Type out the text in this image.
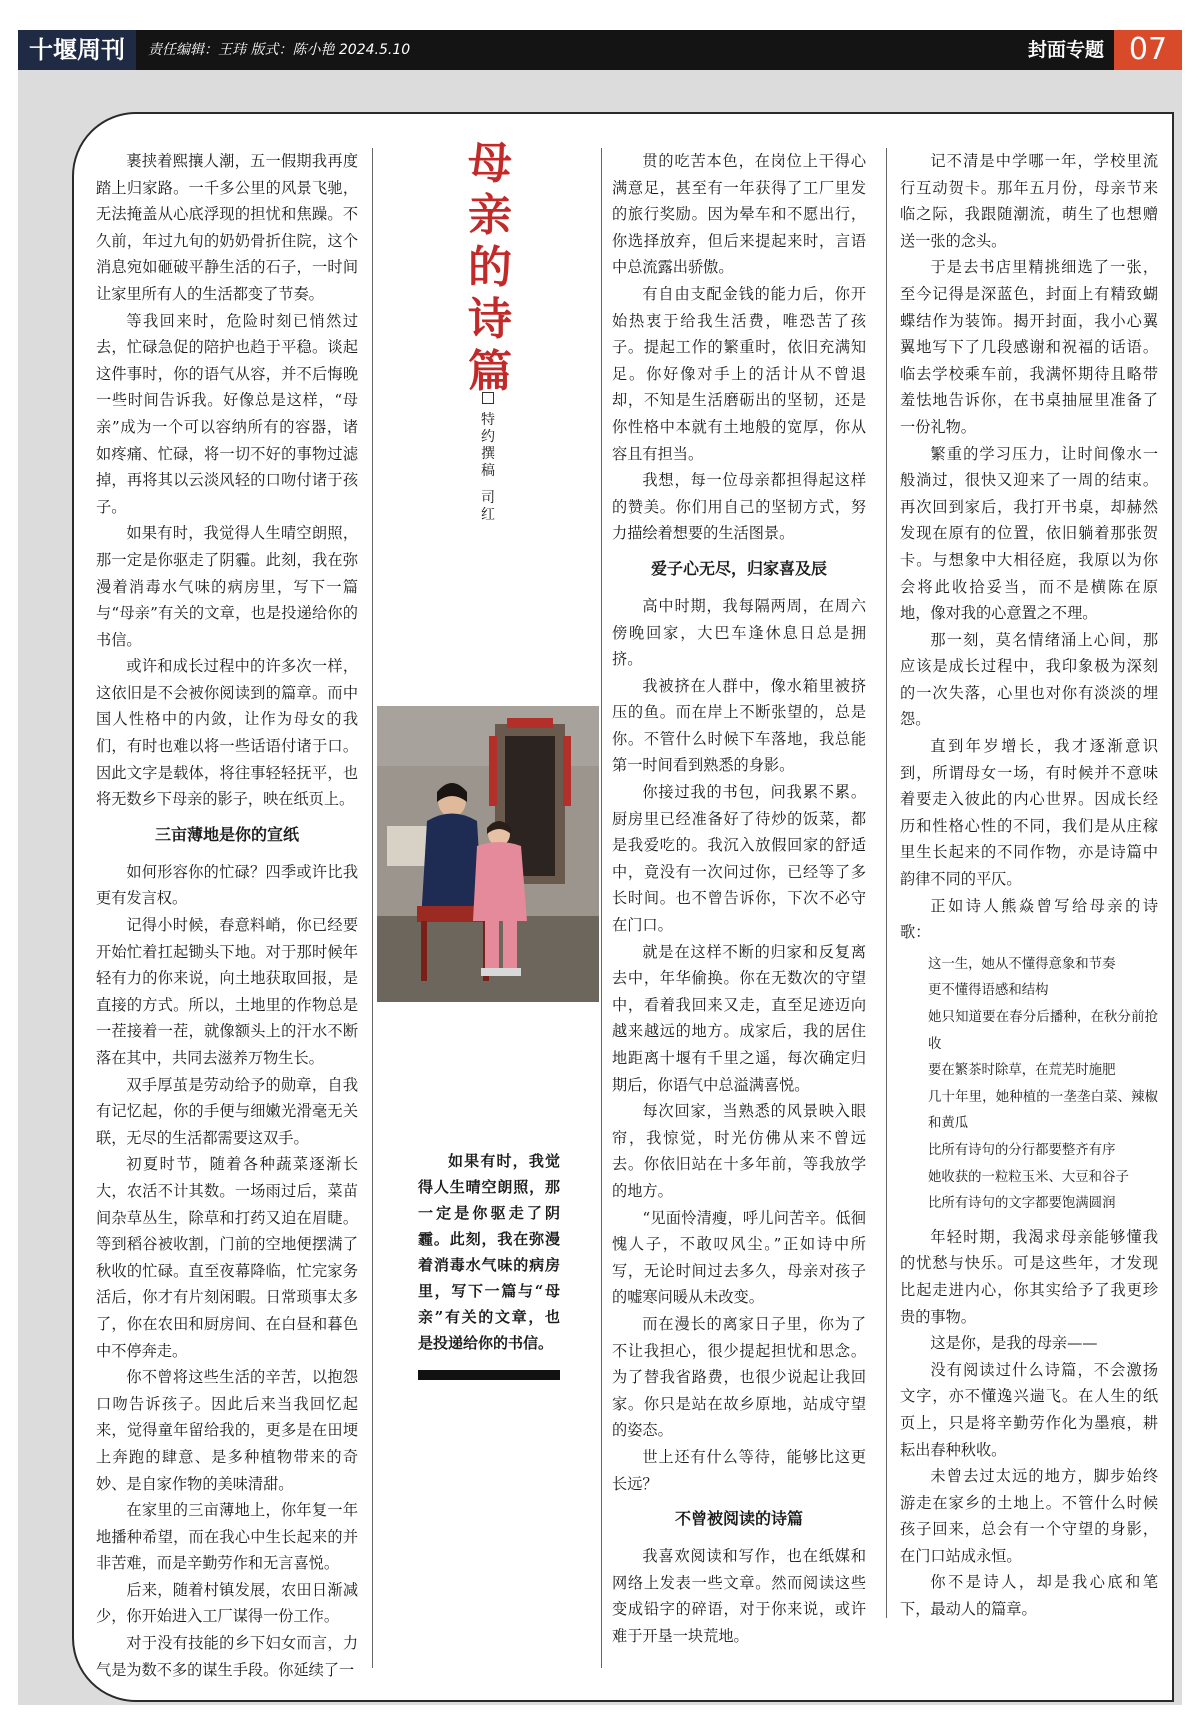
十堰周刊	责任编辑：王玮 版式：陈小艳 2024.5.10	封面专题 07

裹挟着熙攘人潮，五一假期我再度踏上归家路。一千多公里的风景飞驰，无法掩盖从心底浮现的担忧和焦躁。不久前，年过九旬的奶奶骨折住院，这个消息宛如砸破平静生活的石子，一时间让家里所有人的生活都变了节奏。

等我回来时，危险时刻已悄然过去，忙碌急促的陪护也趋于平稳。谈起这件事时，你的语气从容，并不后悔晚一些时间告诉我。好像总是这样，“母亲”成为一个可以容纳所有的容器，诸如疼痛、忙碌，将一切不好的事物过滤掉，再将其以云淡风轻的口吻付诸于孩子。

如果有时，我觉得人生晴空朗照，那一定是你驱走了阴霾。此刻，我在弥漫着消毒水气味的病房里，写下一篇与“母亲”有关的文章，也是投递给你的书信。

或许和成长过程中的许多次一样，这依旧是不会被你阅读到的篇章。而中国人性格中的内敛，让作为母女的我们，有时也难以将一些话语付诸于口。因此文字是载体，将往事轻轻抚平，也将无数乡下母亲的影子，映在纸页上。

三亩薄地是你的宣纸

如何形容你的忙碌？四季或许比我更有发言权。

记得小时候，春意料峭，你已经要开始忙着扛起锄头下地。对于那时候年轻有力的你来说，向土地获取回报，是直接的方式。所以，土地里的作物总是一茬接着一茬，就像额头上的汗水不断落在其中，共同去滋养万物生长。

双手厚茧是劳动给予的勋章，自我有记忆起，你的手便与细嫩光滑毫无关联，无尽的生活都需要这双手。

初夏时节，随着各种蔬菜逐渐长大，农活不计其数。一场雨过后，菜苗间杂草丛生，除草和打药又迫在眉睫。等到稻谷被收割，门前的空地便摆满了秋收的忙碌。直至夜幕降临，忙完家务活后，你才有片刻闲暇。日常琐事太多了，你在农田和厨房间、在白昼和暮色中不停奔走。

你不曾将这些生活的辛苦，以抱怨口吻告诉孩子。因此后来当我回忆起来，觉得童年留给我的，更多是在田埂上奔跑的肆意、是多种植物带来的奇妙、是自家作物的美味清甜。

在家里的三亩薄地上，你年复一年地播种希望，而在我心中生长起来的并非苦难，而是辛勤劳作和无言喜悦。

后来，随着村镇发展，农田日渐减少，你开始进入工厂谋得一份工作。

对于没有技能的乡下妇女而言，力气是为数不多的谋生手段。你延续了一

母亲的诗篇
特约撰稿
司红

如果有时，我觉得人生晴空朗照，那一定是你驱走了阴霾。此刻，我在弥漫着消毒水气味的病房里，写下一篇与“母亲”有关的文章，也是投递给你的书信。

贯的吃苦本色，在岗位上干得心满意足，甚至有一年获得了工厂里发的旅行奖励。因为晕车和不愿出行，你选择放弃，但后来提起来时，言语中总流露出骄傲。

有自由支配金钱的能力后，你开始热衷于给我生活费，唯恐苦了孩子。提起工作的繁重时，依旧充满知足。你好像对手上的活计从不曾退却，不知是生活磨砺出的坚韧，还是你性格中本就有土地般的宽厚，你从容且有担当。

我想，每一位母亲都担得起这样的赞美。你们用自己的坚韧方式，努力描绘着想要的生活图景。

爱子心无尽，归家喜及辰

高中时期，我每隔两周，在周六傍晚回家，大巴车逢休息日总是拥挤。

我被挤在人群中，像水箱里被挤压的鱼。而在岸上不断张望的，总是你。不管什么时候下车落地，我总能第一时间看到熟悉的身影。

你接过我的书包，问我累不累。厨房里已经准备好了待炒的饭菜，都是我爱吃的。我沉入放假回家的舒适中，竟没有一次问过你，已经等了多长时间。也不曾告诉你，下次不必守在门口。

就是在这样不断的归家和反复离去中，年华偷换。你在无数次的守望中，看着我回来又走，直至足迹迈向越来越远的地方。成家后，我的居住地距离十堰有千里之遥，每次确定归期后，你语气中总溢满喜悦。

每次回家，当熟悉的风景映入眼帘，我惊觉，时光仿佛从来不曾远去。你依旧站在十多年前，等我放学的地方。

“见面怜清瘦，呼儿问苦辛。低徊愧人子，不敢叹风尘。”正如诗中所写，无论时间过去多久，母亲对孩子的嘘寒问暖从未改变。

而在漫长的离家日子里，你为了不让我担心，很少提起担忧和思念。为了替我省路费，也很少说起让我回家。你只是站在故乡原地，站成守望的姿态。

世上还有什么等待，能够比这更长远？

不曾被阅读的诗篇

我喜欢阅读和写作，也在纸媒和网络上发表一些文章。然而阅读这些变成铅字的碎语，对于你来说，或许难于开垦一块荒地。

记不清是中学哪一年，学校里流行互动贺卡。那年五月份，母亲节来临之际，我跟随潮流，萌生了也想赠送一张的念头。

于是去书店里精挑细选了一张，至今记得是深蓝色，封面上有精致蝴蝶结作为装饰。揭开封面，我小心翼翼地写下了几段感谢和祝福的话语。临去学校乘车前，我满怀期待且略带羞怯地告诉你，在书桌抽屉里准备了一份礼物。

繁重的学习压力，让时间像水一般淌过，很快又迎来了一周的结束。再次回到家后，我打开书桌，却赫然发现在原有的位置，依旧躺着那张贺卡。与想象中大相径庭，我原以为你会将此收拾妥当，而不是横陈在原地，像对我的心意置之不理。

那一刻，莫名情绪涌上心间，那应该是成长过程中，我印象极为深刻的一次失落，心里也对你有淡淡的埋怨。

直到年岁增长，我才逐渐意识到，所谓母女一场，有时候并不意味着要走入彼此的内心世界。因成长经历和性格心性的不同，我们是从庄稼里生长起来的不同作物，亦是诗篇中韵律不同的平仄。

正如诗人熊焱曾写给母亲的诗歌：

这一生，她从不懂得意象和节奏
更不懂得语感和结构
她只知道要在春分后播种，在秋分前抢收
要在繁茶时除草，在荒芜时施肥
几十年里，她种植的一垄垄白菜、辣椒和黄瓜
比所有诗句的分行都要整齐有序
她收获的一粒粒玉米、大豆和谷子
比所有诗句的文字都要饱满圆润

年轻时期，我渴求母亲能够懂我的忧愁与快乐。可是这些年，才发现比起走进内心，你其实给予了我更珍贵的事物。

这是你，是我的母亲——

没有阅读过什么诗篇，不会激扬文字，亦不懂逸兴遄飞。在人生的纸页上，只是将辛勤劳作化为墨痕，耕耘出春种秋收。

未曾去过太远的地方，脚步始终游走在家乡的土地上。不管什么时候孩子回来，总会有一个守望的身影，在门口站成永恒。

你不是诗人，却是我心底和笔下，最动人的篇章。
